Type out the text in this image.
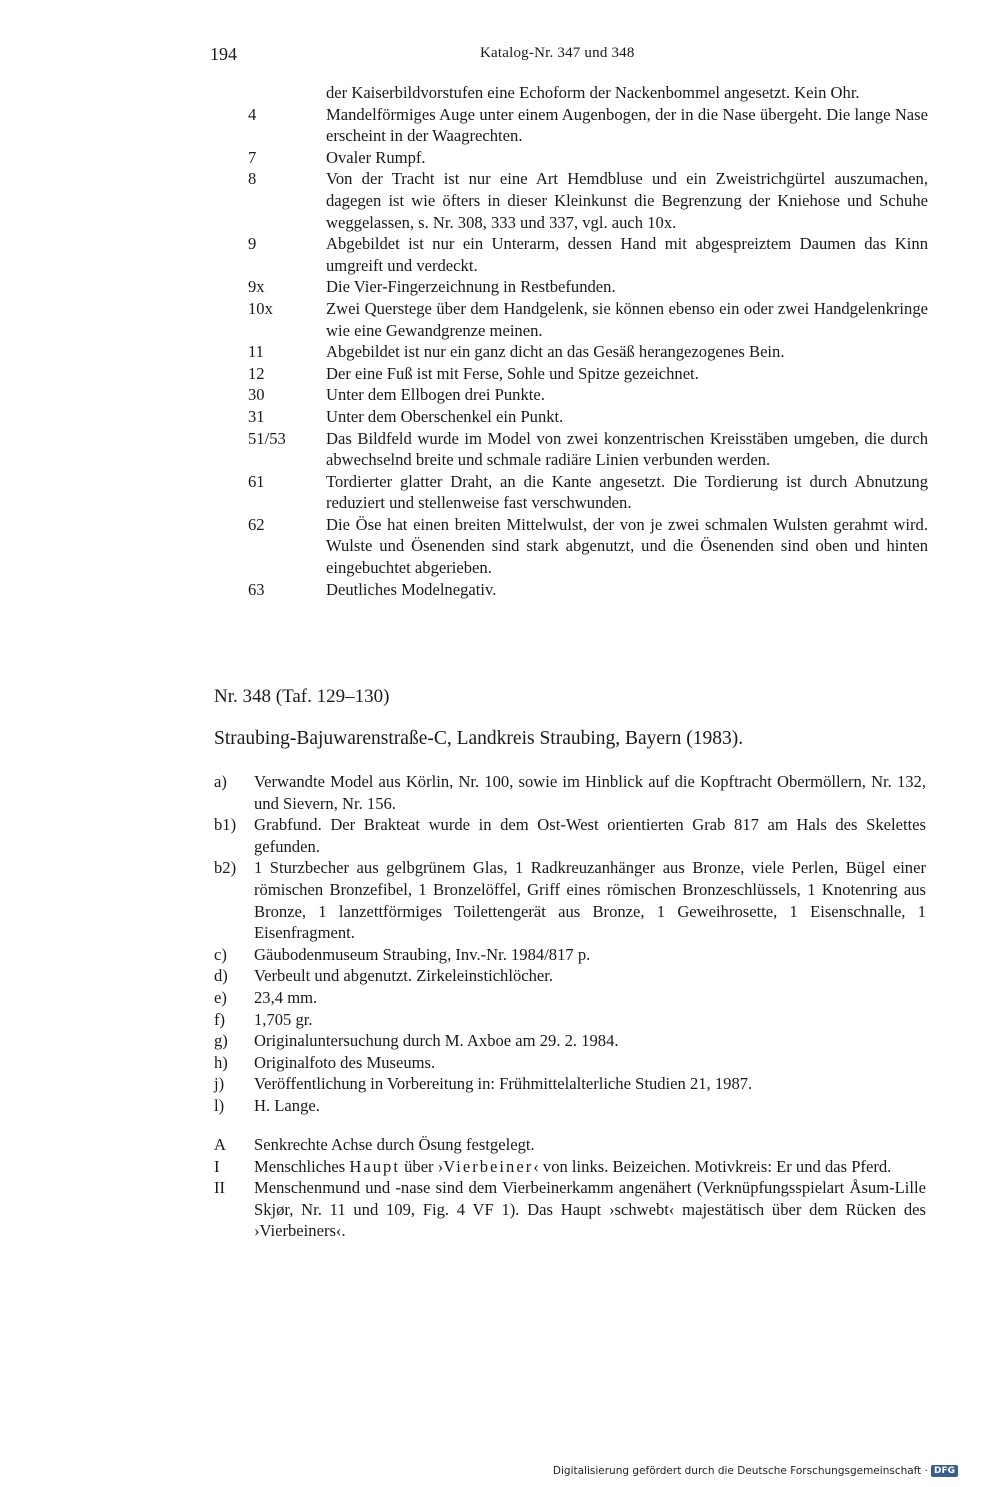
194	Katalog-Nr. 347 und 348
der Kaiserbildvorstufen eine Echoform der Nackenbommel angesetzt. Kein Ohr.
4	Mandelförmiges Auge unter einem Augenbogen, der in die Nase übergeht. Die lange Nase erscheint in der Waagrechten.
7	Ovaler Rumpf.
8	Von der Tracht ist nur eine Art Hemdbluse und ein Zweistrichgürtel auszumachen, dagegen ist wie öfters in dieser Kleinkunst die Begrenzung der Kniehose und Schuhe weggelassen, s. Nr. 308, 333 und 337, vgl. auch 10x.
9	Abgebildet ist nur ein Unterarm, dessen Hand mit abgespreiztem Daumen das Kinn umgreift und verdeckt.
9x	Die Vier-Fingerzeichnung in Restbefunden.
10x	Zwei Querstege über dem Handgelenk, sie können ebenso ein oder zwei Handgelenkringe wie eine Gewandgrenze meinen.
11	Abgebildet ist nur ein ganz dicht an das Gesäß herangezogenes Bein.
12	Der eine Fuß ist mit Ferse, Sohle und Spitze gezeichnet.
30	Unter dem Ellbogen drei Punkte.
31	Unter dem Oberschenkel ein Punkt.
51/53	Das Bildfeld wurde im Model von zwei konzentrischen Kreisstäben umgeben, die durch abwechselnd breite und schmale radiäre Linien verbunden werden.
61	Tordierter glatter Draht, an die Kante angesetzt. Die Tordierung ist durch Abnutzung reduziert und stellenweise fast verschwunden.
62	Die Öse hat einen breiten Mittelwulst, der von je zwei schmalen Wulsten gerahmt wird. Wulste und Ösenenden sind stark abgenutzt, und die Ösenenden sind oben und hinten eingebuchtet abgerieben.
63	Deutliches Modelnegativ.
Nr. 348 (Taf. 129–130)
Straubing-Bajuwarenstraße-C, Landkreis Straubing, Bayern (1983).
a)	Verwandte Model aus Körlin, Nr. 100, sowie im Hinblick auf die Kopftracht Obermöllern, Nr. 132, und Sievern, Nr. 156.
b1)	Grabfund. Der Brakteat wurde in dem Ost-West orientierten Grab 817 am Hals des Skelettes gefunden.
b2)	1 Sturzbecher aus gelbgrünem Glas, 1 Radkreuzanhänger aus Bronze, viele Perlen, Bügel einer römischen Bronzefibel, 1 Bronzelöffel, Griff eines römischen Bronzeschlüssels, 1 Knotenring aus Bronze, 1 lanzettförmiges Toilettengerät aus Bronze, 1 Geweihrosette, 1 Eisenschnalle, 1 Eisenfragment.
c)	Gäubodenmuseum Straubing, Inv.-Nr. 1984/817 p.
d)	Verbeult und abgenutzt. Zirkeleinstichlöcher.
e)	23,4 mm.
f)	1,705 gr.
g)	Originaluntersuchung durch M. Axboe am 29. 2. 1984.
h)	Originalfoto des Museums.
j)	Veröffentlichung in Vorbereitung in: Frühmittelalterliche Studien 21, 1987.
l)	H. Lange.
A	Senkrechte Achse durch Ösung festgelegt.
I	Menschliches Haupt über ›Vierbeiner‹ von links. Beizeichen. Motivkreis: Er und das Pferd.
II	Menschenmund und -nase sind dem Vierbeinerkamm angenähert (Verknüpfungsspielart Åsum-Lille Skjør, Nr. 11 und 109, Fig. 4 VF 1). Das Haupt ›schwebt‹ majestätisch über dem Rücken des ›Vierbeiners‹.
Digitalisierung gefördert durch die Deutsche Forschungsgemeinschaft · DFG
